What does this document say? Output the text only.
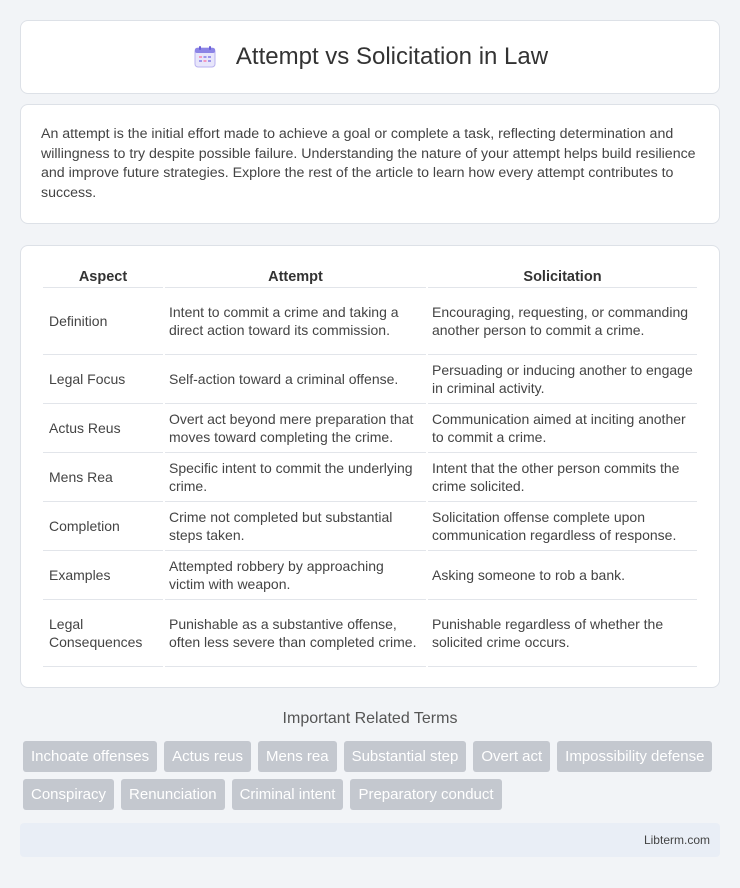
Attempt vs Solicitation in Law
An attempt is the initial effort made to achieve a goal or complete a task, reflecting determination and willingness to try despite possible failure. Understanding the nature of your attempt helps build resilience and improve future strategies. Explore the rest of the article to learn how every attempt contributes to success.
Aspect	Attempt	Solicitation
Definition	Intent to commit a crime and taking a direct action toward its commission.	Encouraging, requesting, or commanding another person to commit a crime.
Legal Focus	Self-action toward a criminal offense.	Persuading or inducing another to engage in criminal activity.
Actus Reus	Overt act beyond mere preparation that moves toward completing the crime.	Communication aimed at inciting another to commit a crime.
Mens Rea	Specific intent to commit the underlying crime.	Intent that the other person commits the crime solicited.
Completion	Crime not completed but substantial steps taken.	Solicitation offense complete upon communication regardless of response.
Examples	Attempted robbery by approaching victim with weapon.	Asking someone to rob a bank.
Legal Consequences	Punishable as a substantive offense, often less severe than completed crime.	Punishable regardless of whether the solicited crime occurs.
Important Related Terms
Inchoate offenses	Actus reus	Mens rea	Substantial step	Overt act	Impossibility defense
Conspiracy	Renunciation	Criminal intent	Preparatory conduct
Libterm.com
